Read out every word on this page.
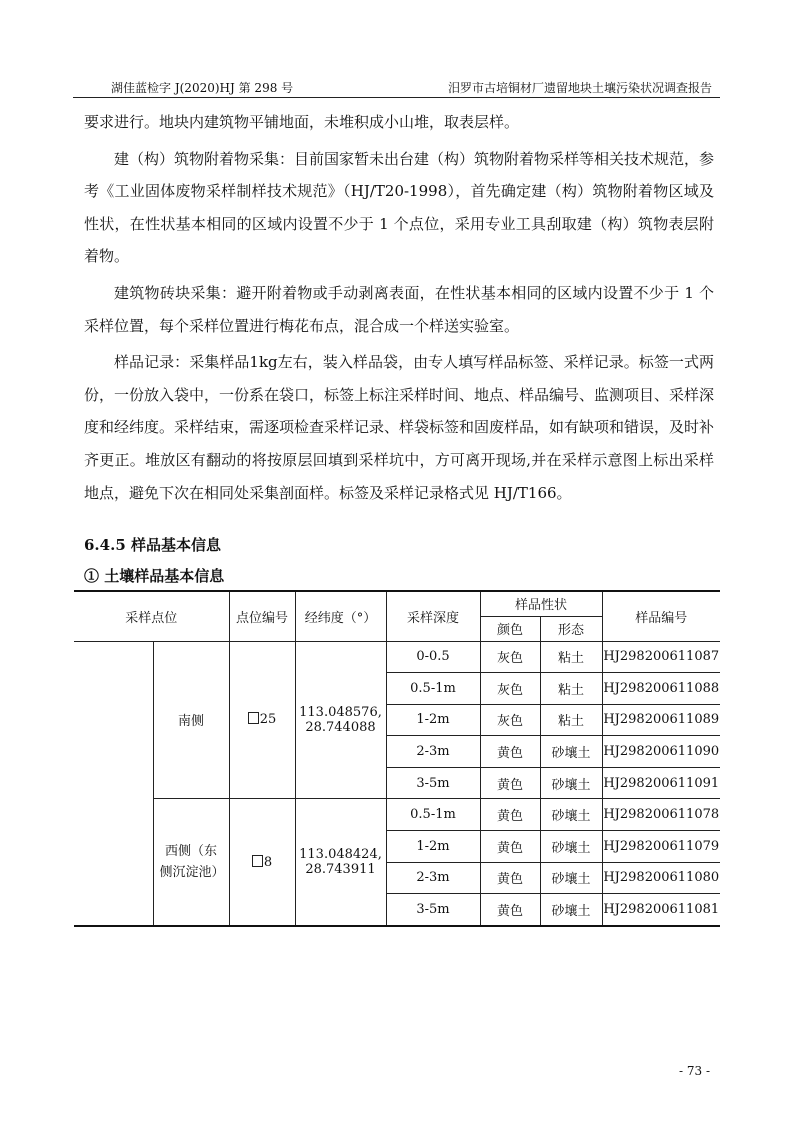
湖佳蓝检字 J(2020)HJ 第 298 号	汨罗市古培铜材厂遗留地块土壤污染状况调查报告

要求进行。地块内建筑物平铺地面，未堆积成小山堆，取表层样。

建（构）筑物附着物采集：目前国家暂未出台建（构）筑物附着物采样等相关技术规范，参考《工业固体废物采样制样技术规范》（HJ/T20-1998），首先确定建（构）筑物附着物区域及性状，在性状基本相同的区域内设置不少于 1 个点位，采用专业工具刮取建（构）筑物表层附着物。

建筑物砖块采集：避开附着物或手动剥离表面，在性状基本相同的区域内设置不少于 1 个采样位置，每个采样位置进行梅花布点，混合成一个样送实验室。

样品记录：采集样品1kg左右，装入样品袋，由专人填写样品标签、采样记录。标签一式两份，一份放入袋中，一份系在袋口，标签上标注采样时间、地点、样品编号、监测项目、采样深度和经纬度。采样结束，需逐项检查采样记录、样袋标签和固废样品，如有缺项和错误，及时补齐更正。堆放区有翻动的将按原层回填到采样坑中，方可离开现场,并在采样示意图上标出采样地点，避免下次在相同处采集剖面样。标签及采样记录格式见 HJ/T166。

6.4.5 样品基本信息
① 土壤样品基本信息
采样点位		点位编号	经纬度（°）	采样深度	样品性状		样品编号
					颜色	形态	
	南侧	25	113.048576, 28.744088	0-0.5	灰色	粘土	HJ298200611087
				0.5-1m	灰色	粘土	HJ298200611088
				1-2m	灰色	粘土	HJ298200611089
				2-3m	黄色	砂壤土	HJ298200611090
				3-5m	黄色	砂壤土	HJ298200611091
	西侧（东侧沉淀池）	8	113.048424, 28.743911	0.5-1m	黄色	砂壤土	HJ298200611078
				1-2m	黄色	砂壤土	HJ298200611079
				2-3m	黄色	砂壤土	HJ298200611080
				3-5m	黄色	砂壤土	HJ298200611081
- 73 -
